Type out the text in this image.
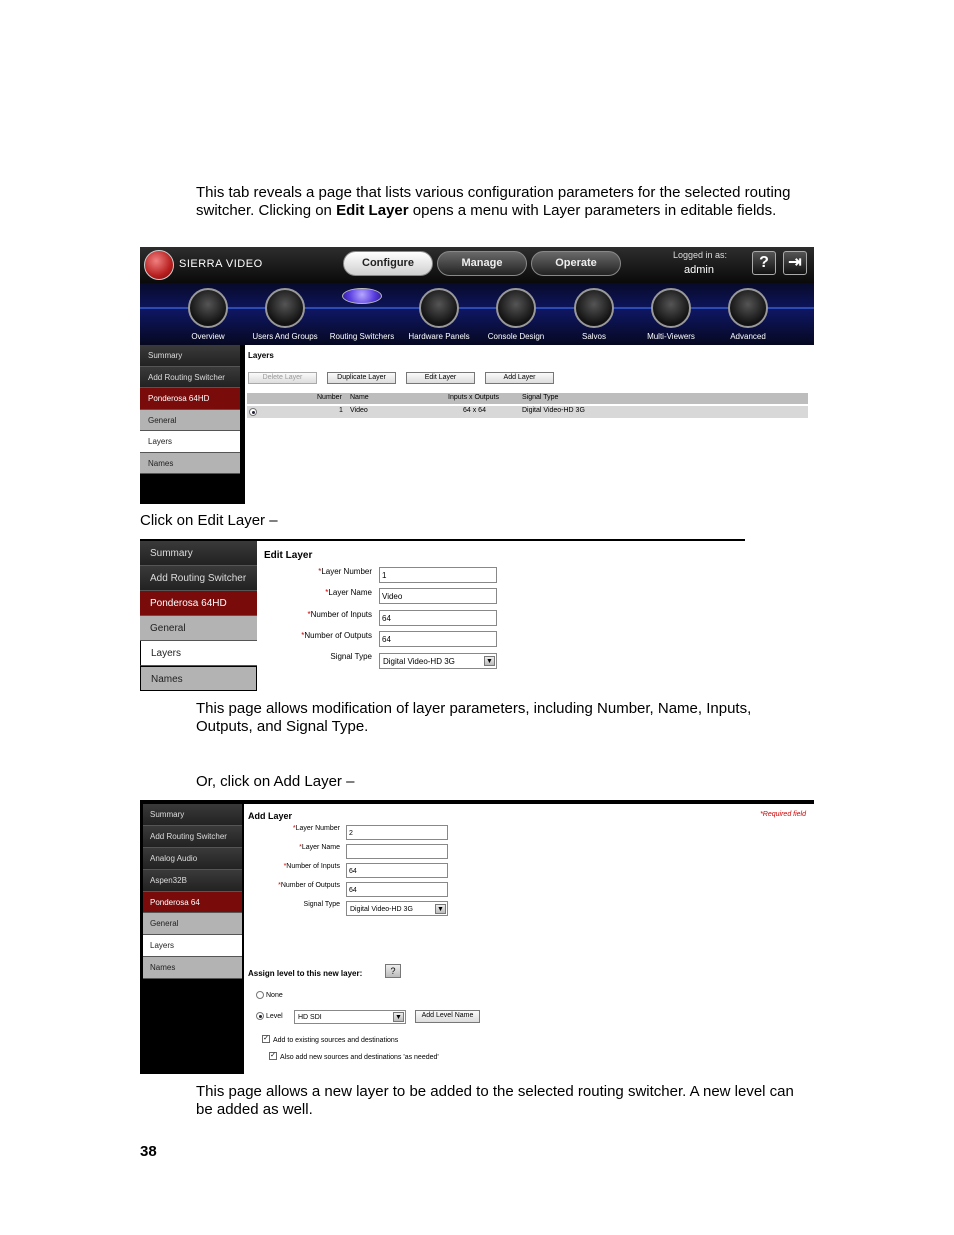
This tab reveals a page that lists various configuration parameters for the selected routing switcher. Clicking on Edit Layer opens a menu with Layer parameters in editable fields.
SIERRA VIDEO	Configure	Manage	Operate
Logged in as:
admin	?	⇥
Overview	Users And Groups	Routing Switchers	Hardware Panels	Console Design	Salvos	Multi-Viewers	Advanced
Summary
Add Routing Switcher
Ponderosa 64HD
General
Layers
Names
Layers
Delete Layer	Duplicate Layer	Edit Layer	Add Layer
Number Name	Inputs x Outputs	Signal Type
1 Video	64 x 64	Digital Video-HD 3G
Click on Edit Layer –
Summary
Add Routing Switcher
Ponderosa 64HD
General
Layers
Names
Edit Layer
*Layer Number	1
*Layer Name	Video
*Number of Inputs	64
*Number of Outputs	64
Signal Type
Digital Video-HD 3G	▼
This page allows modification of layer parameters, including Number, Name, Inputs, Outputs, and Signal Type.
Or, click on Add Layer –
Summary
Add Routing Switcher
Analog Audio
Aspen32B
Ponderosa 64
General
Layers
Names
Add Layer	*Required field
*Layer Number
2
*Layer Name
*Number of Inputs
64
*Number of Outputs
64
Signal Type
Digital Video-HD 3G	▼
Assign level to this new layer:	?
None
Level	HD SDI	▼	Add Level Name
✓ Add to existing sources and destinations
✓ Also add new sources and destinations 'as needed'
This page allows a new layer to be added to the selected routing switcher. A new level can be added as well.
38
